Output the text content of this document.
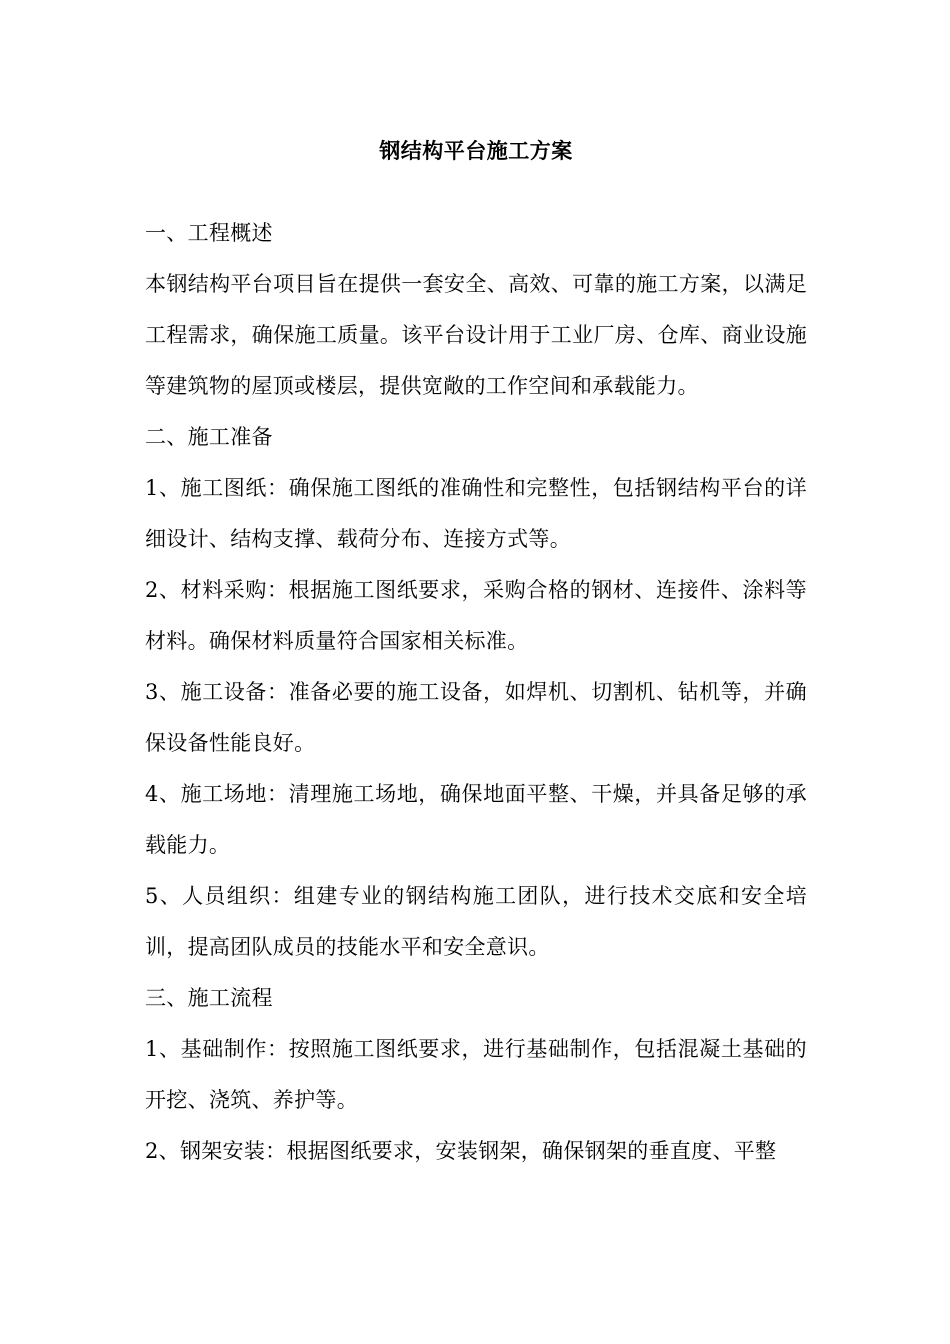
钢结构平台施工方案

一、工程概述

本钢结构平台项目旨在提供一套安全、高效、可靠的施工方案，以满足工程需求，确保施工质量。该平台设计用于工业厂房、仓库、商业设施等建筑物的屋顶或楼层，提供宽敞的工作空间和承载能力。

二、施工准备

1、施工图纸：确保施工图纸的准确性和完整性，包括钢结构平台的详细设计、结构支撑、载荷分布、连接方式等。

2、材料采购：根据施工图纸要求，采购合格的钢材、连接件、涂料等材料。确保材料质量符合国家相关标准。

3、施工设备：准备必要的施工设备，如焊机、切割机、钻机等，并确保设备性能良好。

4、施工场地：清理施工场地，确保地面平整、干燥，并具备足够的承载能力。

5、人员组织：组建专业的钢结构施工团队，进行技术交底和安全培训，提高团队成员的技能水平和安全意识。

三、施工流程

1、基础制作：按照施工图纸要求，进行基础制作，包括混凝土基础的开挖、浇筑、养护等。

2、钢架安装：根据图纸要求，安装钢架，确保钢架的垂直度、平整
